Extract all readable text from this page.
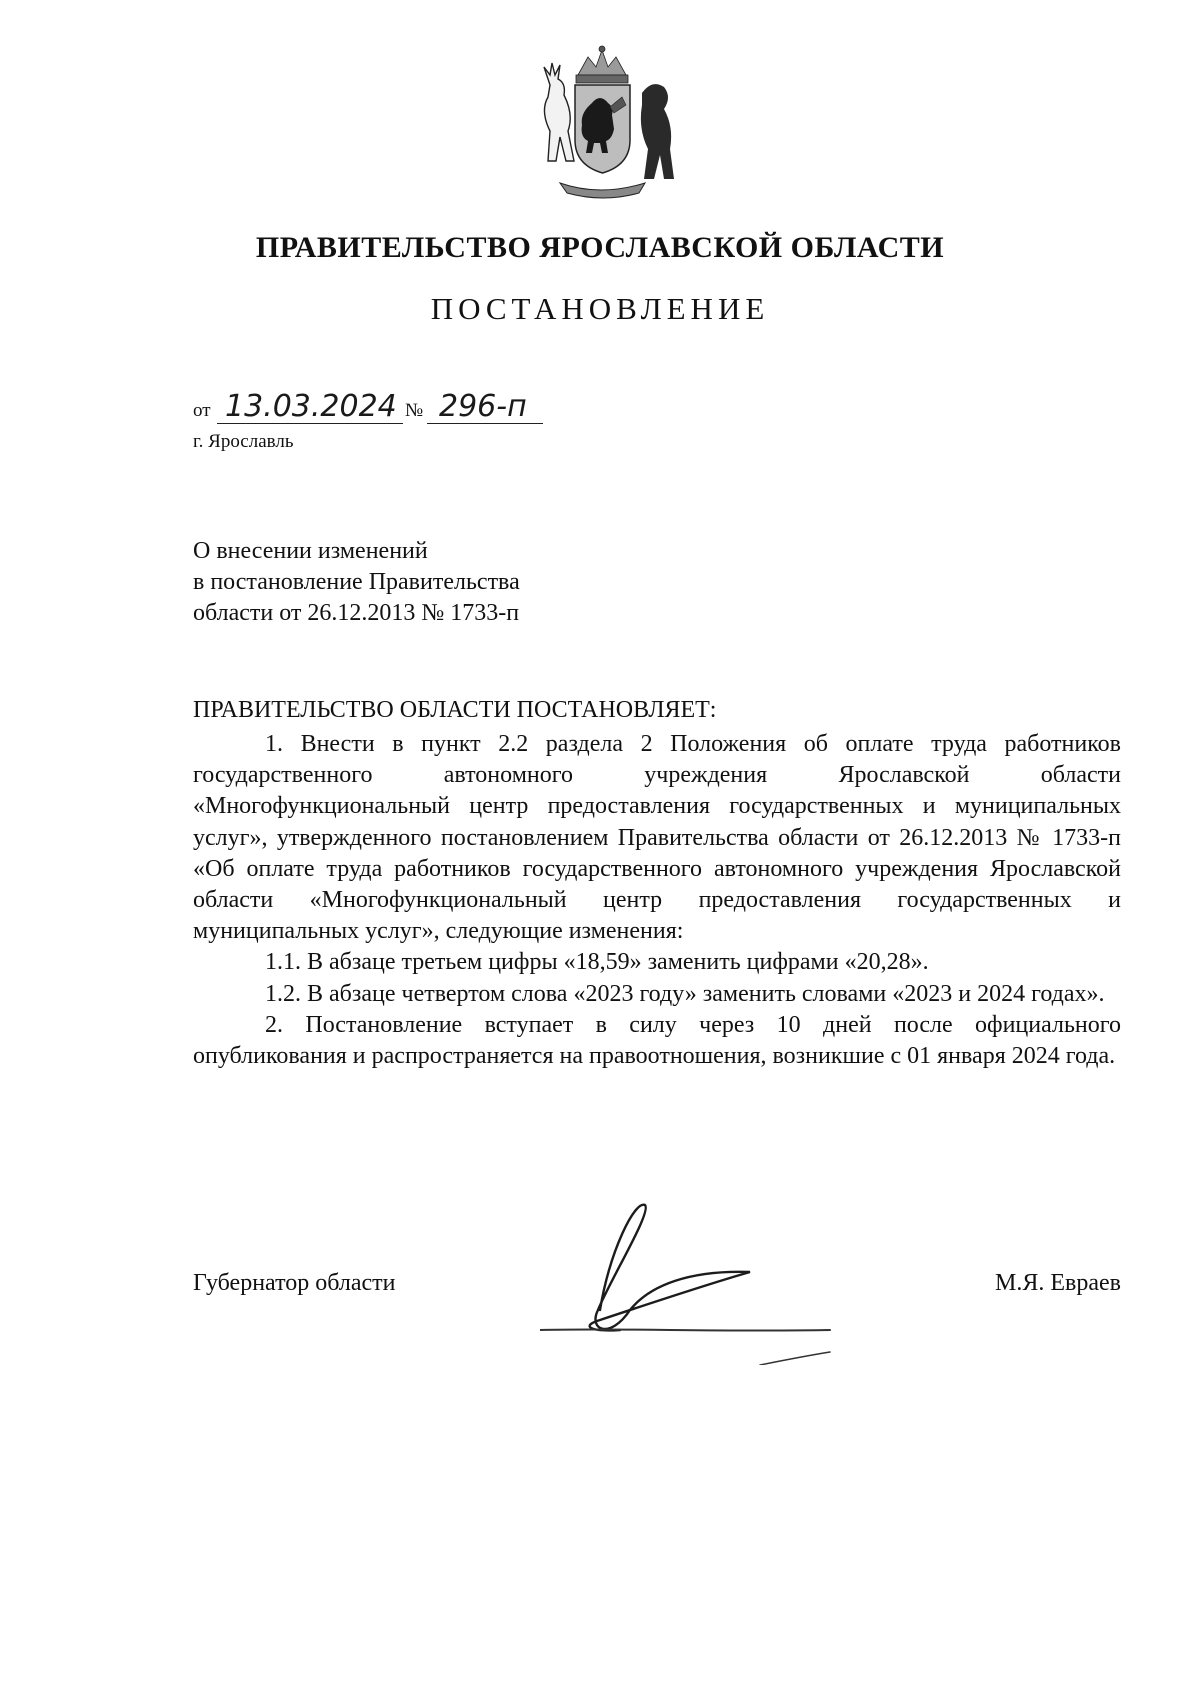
ПРАВИТЕЛЬСТВО ЯРОСЛАВСКОЙ ОБЛАСТИ
ПОСТАНОВЛЕНИЕ
от 13.03.2024 № 296-п
г. Ярославль
О внесении изменений
в постановление Правительства
области от 26.12.2013 № 1733-п
ПРАВИТЕЛЬСТВО ОБЛАСТИ ПОСТАНОВЛЯЕТ:

1. Внести в пункт 2.2 раздела 2 Положения об оплате труда работников государственного автономного учреждения Ярославской области «Многофункциональный центр предоставления государственных и муниципальных услуг», утвержденного постановлением Правительства области от 26.12.2013 № 1733-п «Об оплате труда работников государственного автономного учреждения Ярославской области «Многофункциональный центр предоставления государственных и муниципальных услуг», следующие изменения:

1.1. В абзаце третьем цифры «18,59» заменить цифрами «20,28».

1.2. В абзаце четвертом слова «2023 году» заменить словами «2023 и 2024 годах».

2. Постановление вступает в силу через 10 дней после официального опубликования и распространяется на правоотношения, возникшие с 01 января 2024 года.

Губернатор области	М.Я. Евраев
